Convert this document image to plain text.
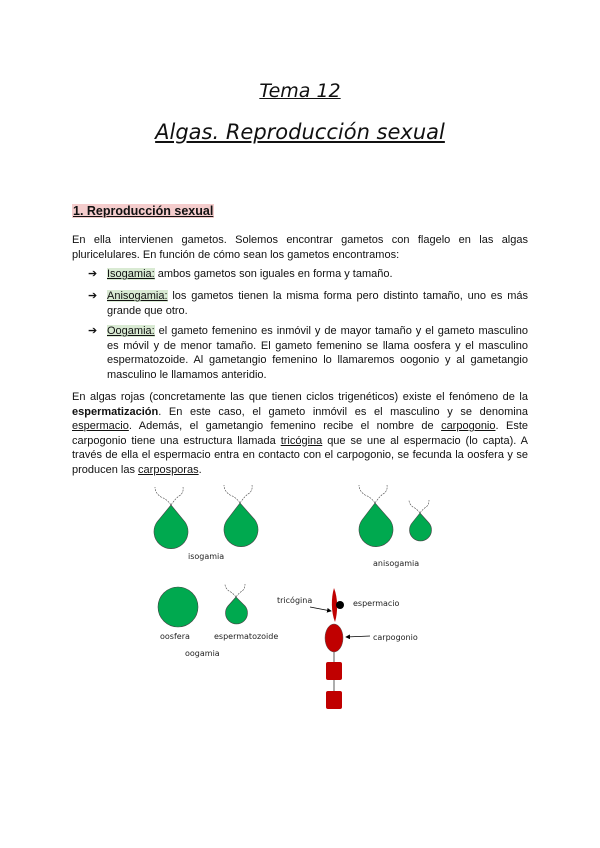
Tema 12
Algas. Reproducción sexual
1. Reproducción sexual
En ella intervienen gametos. Solemos encontrar gametos con flagelo en las algas pluricelulares. En función de cómo sean los gametos encontramos:
➔ Isogamia: ambos gametos son iguales en forma y tamaño.
➔ Anisogamia: los gametos tienen la misma forma pero distinto tamaño, uno es más grande que otro.
➔ Oogamia: el gameto femenino es inmóvil y de mayor tamaño y el gameto masculino es móvil y de menor tamaño. El gameto femenino se llama oosfera y el masculino espermatozoide. Al gametangio femenino lo llamaremos oogonio y al gametangio masculino le llamamos anteridio.
En algas rojas (concretamente las que tienen ciclos trigenéticos) existe el fenómeno de la espermatización. En este caso, el gameto inmóvil es el masculino y se denomina espermacio. Además, el gametangio femenino recibe el nombre de carpogonio. Este carpogonio tiene una estructura llamada tricógina que se une al espermacio (lo capta). A través de ella el espermacio entra en contacto con el carpogonio, se fecunda la oosfera y se producen las carposporas.
isogamia
anisogamia
oosfera	espermatozoide
oogamia
tricógina	espermacio
carpogonio
